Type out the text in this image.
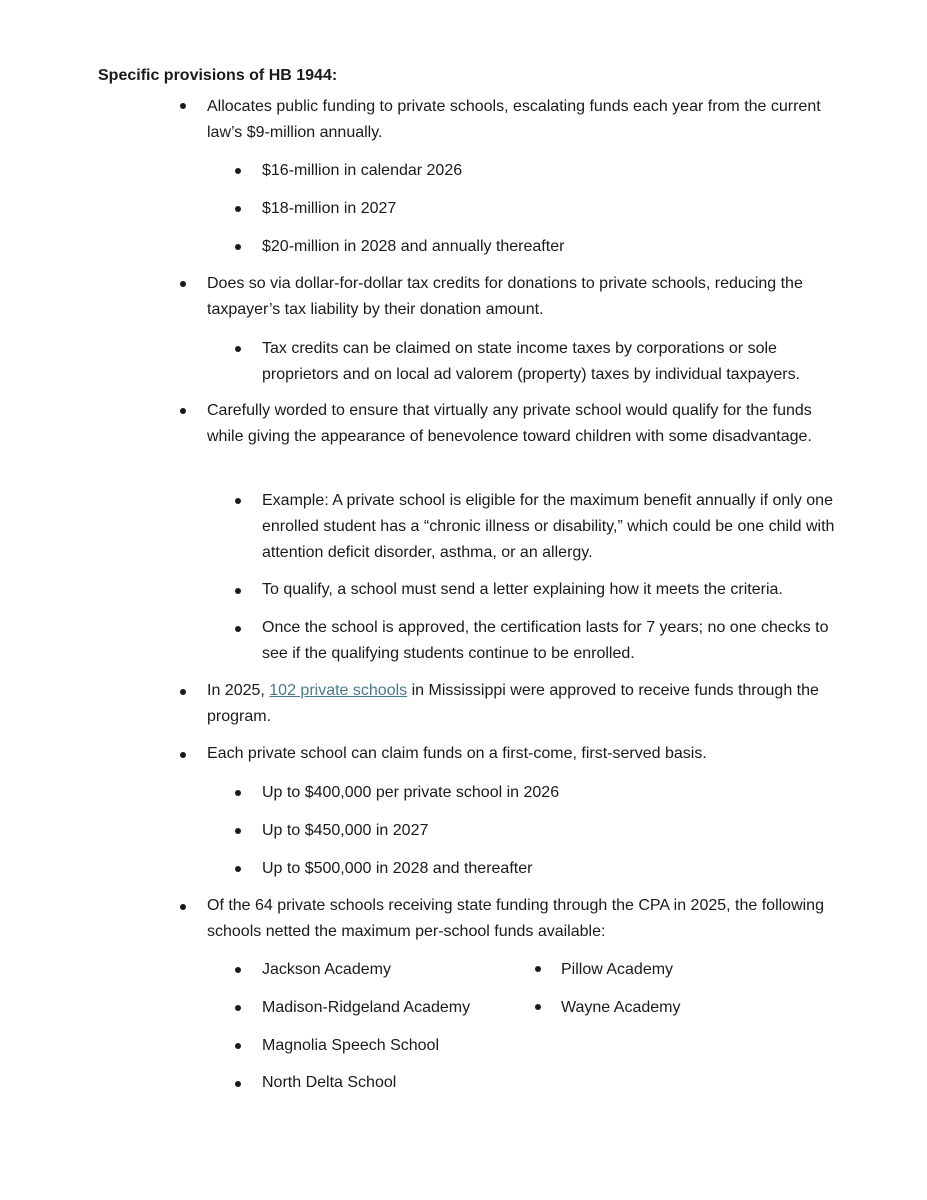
Specific provisions of HB 1944:
Allocates public funding to private schools, escalating funds each year from the current law’s $9-million annually.
$16-million in calendar 2026
$18-million in 2027
$20-million in 2028 and annually thereafter
Does so via dollar-for-dollar tax credits for donations to private schools, reducing the taxpayer’s tax liability by their donation amount.
Tax credits can be claimed on state income taxes by corporations or sole proprietors and on local ad valorem (property) taxes by individual taxpayers.
Carefully worded to ensure that virtually any private school would qualify for the funds while giving the appearance of benevolence toward children with some disadvantage.
Example: A private school is eligible for the maximum benefit annually if only one enrolled student has a “chronic illness or disability,” which could be one child with attention deficit disorder, asthma, or an allergy.
To qualify, a school must send a letter explaining how it meets the criteria.
Once the school is approved, the certification lasts for 7 years; no one checks to see if the qualifying students continue to be enrolled.
In 2025, 102 private schools in Mississippi were approved to receive funds through the program.
Each private school can claim funds on a first-come, first-served basis.
Up to $400,000 per private school in 2026
Up to $450,000 in 2027
Up to $500,000 in 2028 and thereafter
Of the 64 private schools receiving state funding through the CPA in 2025, the following schools netted the maximum per-school funds available:
Jackson Academy
Madison-Ridgeland Academy
Magnolia Speech School
North Delta School
Pillow Academy
Wayne Academy
